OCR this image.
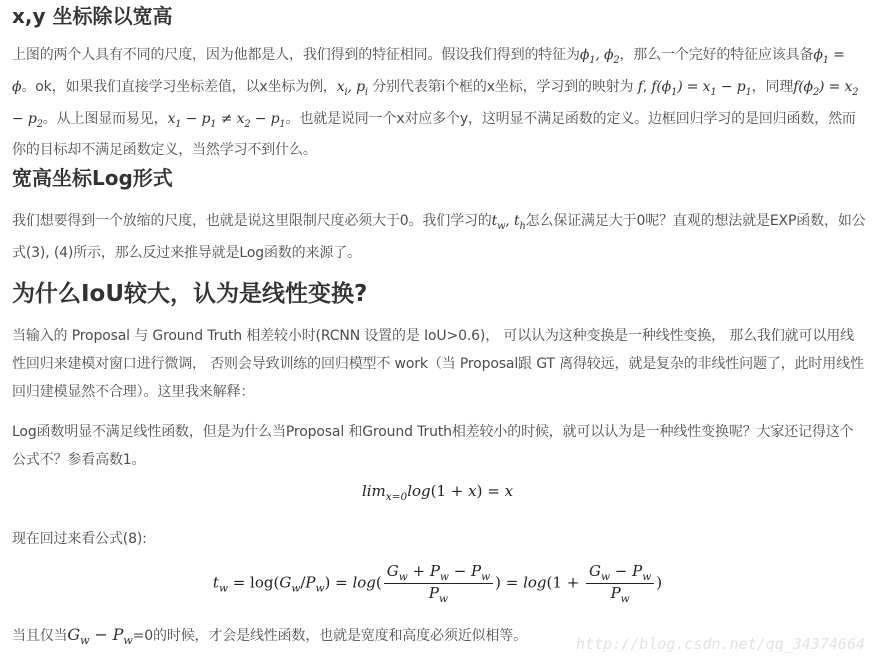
x,y 坐标除以宽高

上图的两个人具有不同的尺度，因为他都是人，我们得到的特征相同。假设我们得到的特征为$\phi_1$, $\phi_2$，那么一个完好的特征应该具备$\phi_1 = \phi$。ok，如果我们直接学习坐标差值，以x坐标为例，$x_i$, $p_i$ 分别代表第i个框的x坐标，学习到的映射为 f, $f(\phi_1) = x_1 - p_1$，同理$f(\phi_2) = x_2 - p_2$。从上图显而易见，$x_1 - p_1 \ne x_2 - p_1$。也就是说同一个x对应多个y，这明显不满足函数的定义。边框回归学习的是回归函数，然而你的目标却不满足函数定义，当然学习不到什么。

宽高坐标Log形式

我们想要得到一个放缩的尺度，也就是说这里限制尺度必须大于0。我们学习的$t_w$, $t_h$怎么保证满足大于0呢？直观的想法就是EXP函数，如公式(3), (4)所示，那么反过来推导就是Log函数的来源了。

为什么IoU较大，认为是线性变换?

当输入的 Proposal 与 Ground Truth 相差较小时(RCNN 设置的是 IoU>0.6)， 可以认为这种变换是一种线性变换， 那么我们就可以用线性回归来建模对窗口进行微调， 否则会导致训练的回归模型不 work（当 Proposal跟 GT 离得较远，就是复杂的非线性问题了，此时用线性回归建模显然不合理）。这里我来解释：

Log函数明显不满足线性函数，但是为什么当Proposal 和Ground Truth相差较小的时候，就可以认为是一种线性变换呢？大家还记得这个公式不？参看高数1。

$\lim_{x=0}\log(1 + x) = x$

现在回过来看公式(8):

$t_w = \log(G_w/P_w) = \log( \frac{G_w + P_w - P_w}{P_w}$ ) = $\log(1 + \frac{G_w - P_w}{P_w}$ )

当且仅当$G_w - P_w=0$的时候，才会是线性函数，也就是宽度和高度必须近似相等。	http://blog.csdn.net/qq_34374664
